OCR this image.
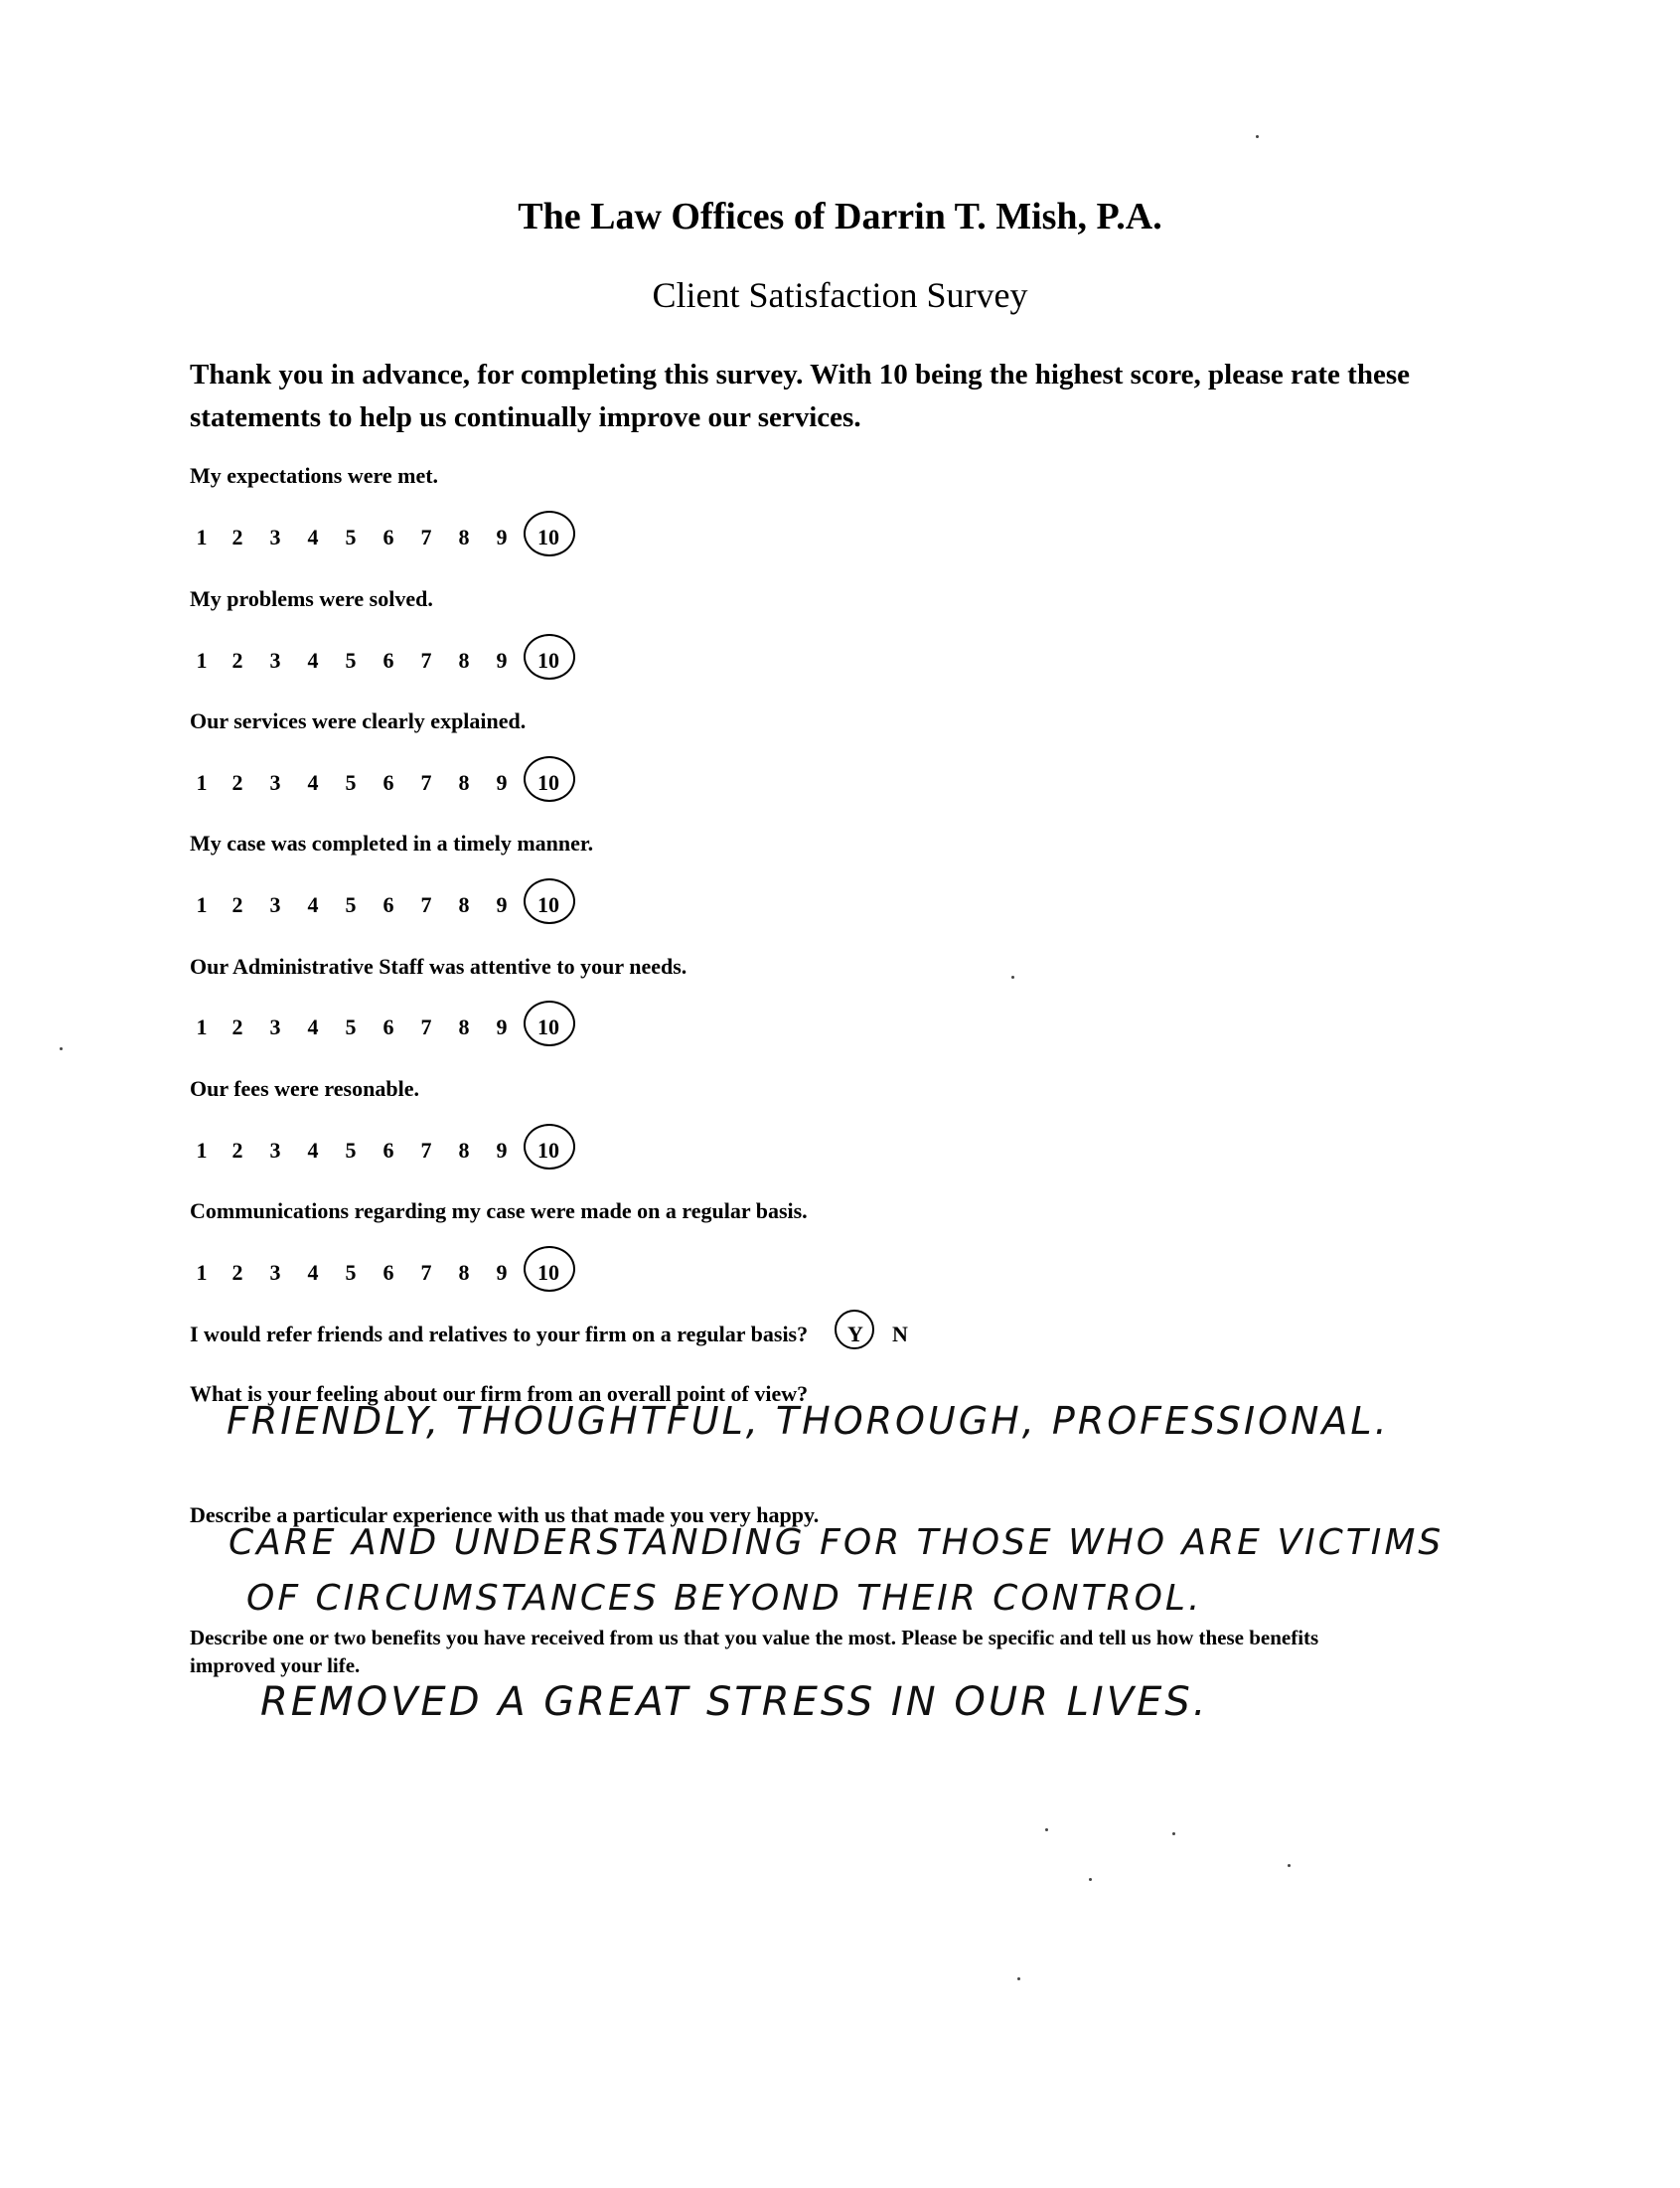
The Law Offices of Darrin T. Mish, P.A.
Client Satisfaction Survey
Thank you in advance, for completing this survey. With 10 being the highest score, please rate these
statements to help us continually improve our services.
My expectations were met.
1 2 3 4 5 6 7 8 9 10
My problems were solved.
1 2 3 4 5 6 7 8 9 10
Our services were clearly explained.
1 2 3 4 5 6 7 8 9 10
My case was completed in a timely manner.
1 2 3 4 5 6 7 8 9 10
Our Administrative Staff was attentive to your needs.
1 2 3 4 5 6 7 8 9 10
Our fees were resonable.
1 2 3 4 5 6 7 8 9 10
Communications regarding my case were made on a regular basis.
1 2 3 4 5 6 7 8 9 10
I would refer friends and relatives to your firm on a regular basis? Y N
What is your feeling about our firm from an overall point of view?
FRIENDLY, THOUGHTFUL, THOROUGH, PROFESSIONAL.
Describe a particular experience with us that made you very happy.
CARE AND UNDERSTANDING FOR THOSE WHO ARE VICTIMS
OF CIRCUMSTANCES BEYOND THEIR CONTROL.
Describe one or two benefits you have received from us that you value the most. Please be specific and tell us how these benefits
improved your life.
REMOVED A GREAT STRESS IN OUR LIVES.
